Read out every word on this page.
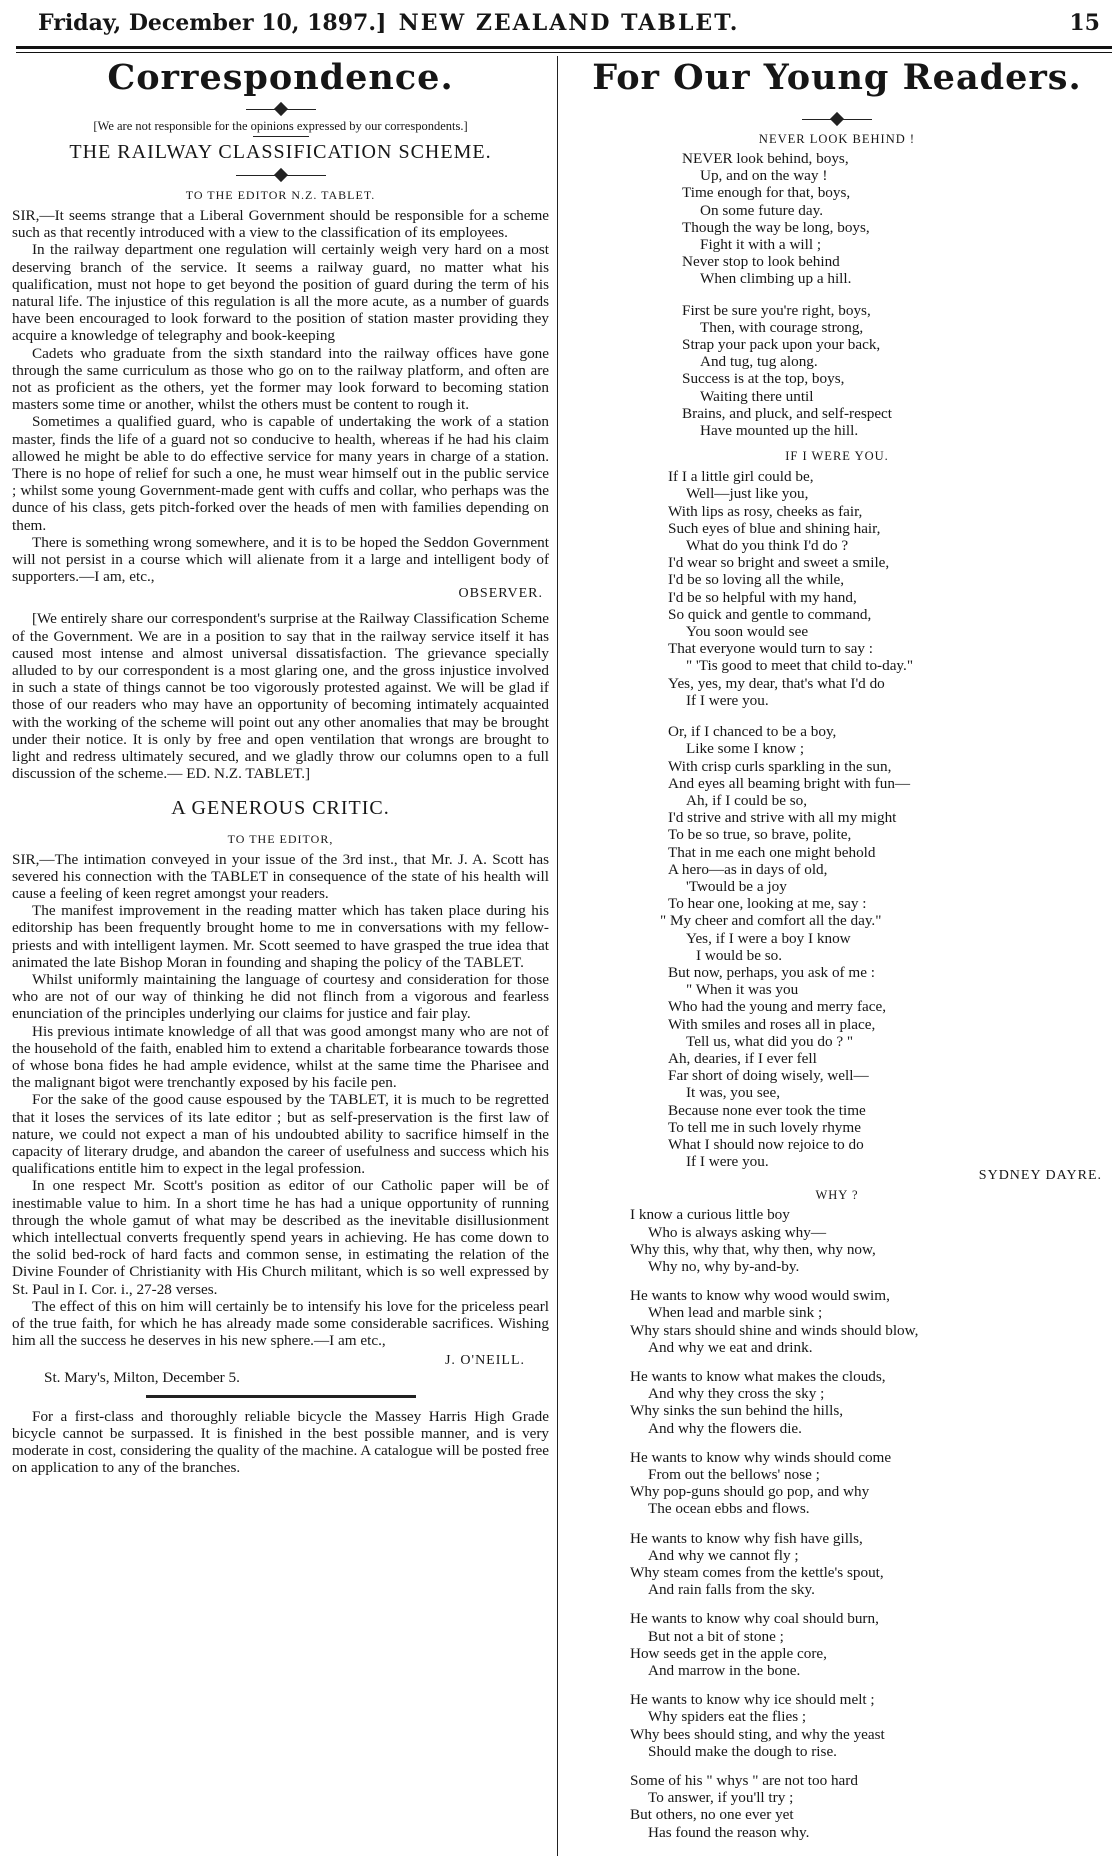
Friday, December 10, 1897.] NEW ZEALAND TABLET.	15
Correspondence.
[We are not responsible for the opinions expressed by our correspondents.]
THE RAILWAY CLASSIFICATION SCHEME.
TO THE EDITOR N.Z. TABLET.

SIR,—It seems strange that a Liberal Government should be responsible for a scheme such as that recently introduced with a view to the classification of its employees.

In the railway department one regulation will certainly weigh very hard on a most deserving branch of the service. It seems a railway guard, no matter what his qualification, must not hope to get beyond the position of guard during the term of his natural life. The injustice of this regulation is all the more acute, as a number of guards have been encouraged to look forward to the position of station master providing they acquire a knowledge of telegraphy and book-keeping

Cadets who graduate from the sixth standard into the railway offices have gone through the same curriculum as those who go on to the railway platform, and often are not as proficient as the others, yet the former may look forward to becoming station masters some time or another, whilst the others must be content to rough it.

Sometimes a qualified guard, who is capable of undertaking the work of a station master, finds the life of a guard not so conducive to health, whereas if he had his claim allowed he might be able to do effective service for many years in charge of a station. There is no hope of relief for such a one, he must wear himself out in the public service ; whilst some young Government-made gent with cuffs and collar, who perhaps was the dunce of his class, gets pitch-forked over the heads of men with families depending on them.

There is something wrong somewhere, and it is to be hoped the Seddon Government will not persist in a course which will alienate from it a large and intelligent body of supporters.—I am, etc.,

OBSERVER.

[We entirely share our correspondent's surprise at the Railway Classification Scheme of the Government. We are in a position to say that in the railway service itself it has caused most intense and almost universal dissatisfaction. The grievance specially alluded to by our correspondent is a most glaring one, and the gross injustice involved in such a state of things cannot be too vigorously protested against. We will be glad if those of our readers who may have an opportunity of becoming intimately acquainted with the working of the scheme will point out any other anomalies that may be brought under their notice. It is only by free and open ventilation that wrongs are brought to light and redress ultimately secured, and we gladly throw our columns open to a full discussion of the scheme.— ED. N.Z. TABLET.]

A GENEROUS CRITIC.
TO THE EDITOR,

SIR,—The intimation conveyed in your issue of the 3rd inst., that Mr. J. A. Scott has severed his connection with the TABLET in consequence of the state of his health will cause a feeling of keen regret amongst your readers.

The manifest improvement in the reading matter which has taken place during his editorship has been frequently brought home to me in conversations with my fellow-priests and with intelligent laymen. Mr. Scott seemed to have grasped the true idea that animated the late Bishop Moran in founding and shaping the policy of the TABLET.

Whilst uniformly maintaining the language of courtesy and consideration for those who are not of our way of thinking he did not flinch from a vigorous and fearless enunciation of the principles underlying our claims for justice and fair play.

His previous intimate knowledge of all that was good amongst many who are not of the household of the faith, enabled him to extend a charitable forbearance towards those of whose bona fides he had ample evidence, whilst at the same time the Pharisee and the malignant bigot were trenchantly exposed by his facile pen.

For the sake of the good cause espoused by the TABLET, it is much to be regretted that it loses the services of its late editor ; but as self-preservation is the first law of nature, we could not expect a man of his undoubted ability to sacrifice himself in the capacity of literary drudge, and abandon the career of usefulness and success which his qualifications entitle him to expect in the legal profession.

In one respect Mr. Scott's position as editor of our Catholic paper will be of inestimable value to him. In a short time he has had a unique opportunity of running through the whole gamut of what may be described as the inevitable disillusionment which intellectual converts frequently spend years in achieving. He has come down to the solid bed-rock of hard facts and common sense, in estimating the relation of the Divine Founder of Christianity with His Church militant, which is so well expressed by St. Paul in I. Cor. i., 27-28 verses.

The effect of this on him will certainly be to intensify his love for the priceless pearl of the true faith, for which he has already made some considerable sacrifices. Wishing him all the success he deserves in his new sphere.—I am etc.,

J. O'NEILL.

St. Mary's, Milton, December 5.

For a first-class and thoroughly reliable bicycle the Massey Harris High Grade bicycle cannot be surpassed. It is finished in the best possible manner, and is very moderate in cost, considering the quality of the machine. A catalogue will be posted free on application to any of the branches.

For Our Young Readers.
NEVER LOOK BEHIND !
NEVER look behind, boys,
Up, and on the way !
Time enough for that, boys,
On some future day.
Though the way be long, boys,
Fight it with a will ;
Never stop to look behind
When climbing up a hill.
First be sure you're right, boys,
Then, with courage strong,
Strap your pack upon your back,
And tug, tug along.
Success is at the top, boys,
Waiting there until
Brains, and pluck, and self-respect
Have mounted up the hill.
IF I WERE YOU.
If I a little girl could be,
Well—just like you,
With lips as rosy, cheeks as fair,
Such eyes of blue and shining hair,
What do you think I'd do ?
I'd wear so bright and sweet a smile,
I'd be so loving all the while,
I'd be so helpful with my hand,
So quick and gentle to command,
You soon would see
That everyone would turn to say :
" 'Tis good to meet that child to-day."
Yes, yes, my dear, that's what I'd do
If I were you.
Or, if I chanced to be a boy,
Like some I know ;
With crisp curls sparkling in the sun,
And eyes all beaming bright with fun—
Ah, if I could be so,
I'd strive and strive with all my might
To be so true, so brave, polite,
That in me each one might behold
A hero—as in days of old,
'Twould be a joy
To hear one, looking at me, say :
" My cheer and comfort all the day."
Yes, if I were a boy I know
I would be so.
But now, perhaps, you ask of me :
" When it was you
Who had the young and merry face,
With smiles and roses all in place,
Tell us, what did you do ? "
Ah, dearies, if I ever fell
Far short of doing wisely, well—
It was, you see,
Because none ever took the time
To tell me in such lovely rhyme
What I should now rejoice to do
If I were you.
SYDNEY DAYRE.
WHY ?
I know a curious little boy
Who is always asking why—
Why this, why that, why then, why now,
Why no, why by-and-by.
He wants to know why wood would swim,
When lead and marble sink ;
Why stars should shine and winds should blow,
And why we eat and drink.
He wants to know what makes the clouds,
And why they cross the sky ;
Why sinks the sun behind the hills,
And why the flowers die.
He wants to know why winds should come
From out the bellows' nose ;
Why pop-guns should go pop, and why
The ocean ebbs and flows.
He wants to know why fish have gills,
And why we cannot fly ;
Why steam comes from the kettle's spout,
And rain falls from the sky.
He wants to know why coal should burn,
But not a bit of stone ;
How seeds get in the apple core,
And marrow in the bone.
He wants to know why ice should melt ;
Why spiders eat the flies ;
Why bees should sting, and why the yeast
Should make the dough to rise.
Some of his " whys " are not too hard
To answer, if you'll try ;
But others, no one ever yet
Has found the reason why.
